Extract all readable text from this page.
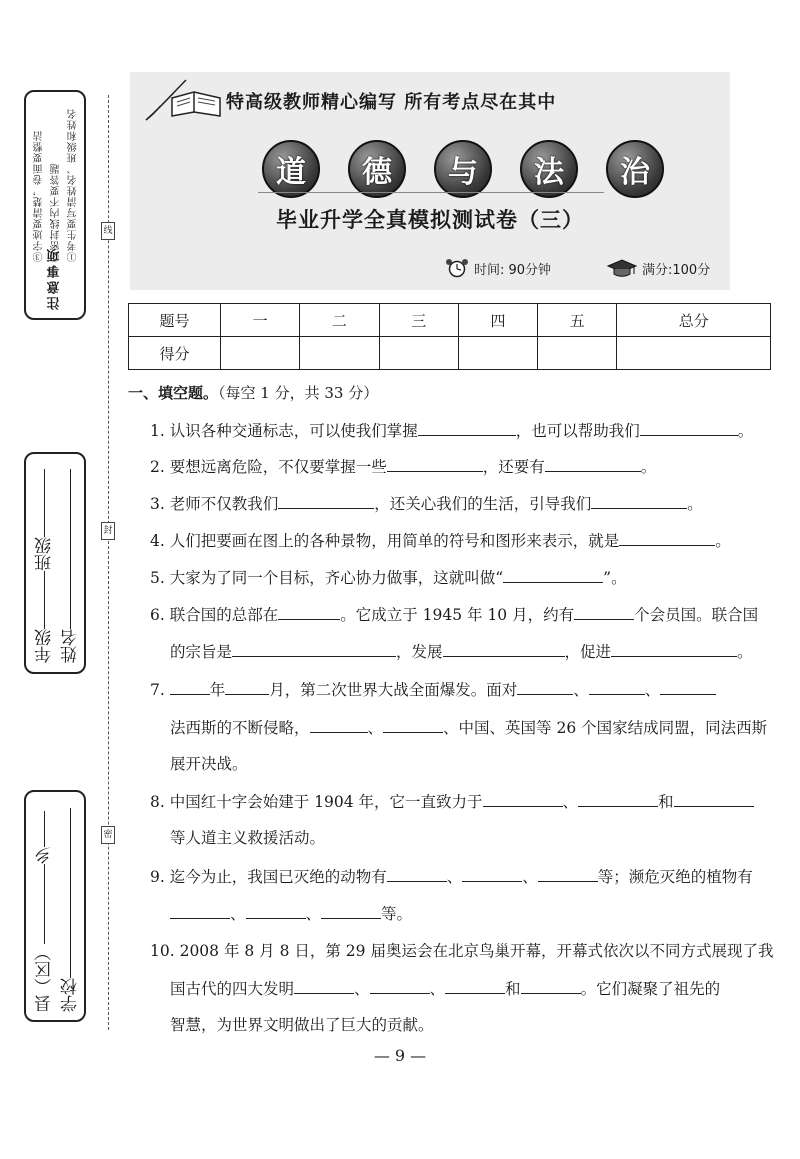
③字迹要清楚，卷面要整洁 ②密封线内不要答题 ①考生要写清姓名、班级和姓名
注意事项
线
封
密
年级班级
姓名
县（区）乡
学校
特高级教师精心编写 所有考点尽在其中
道	德	与	法	治
毕业升学全真模拟测试卷（三）
时间: 90分钟	满分:100分
题号	一	二	三	四	五	总分
得分						
一、填空题。（每空 1 分，共 33 分）
1. 认识各种交通标志，可以使我们掌握	，也可以帮助我们	。
2. 要想远离危险，不仅要掌握一些	，还要有	。
3. 老师不仅教我们	，还关心我们的生活，引导我们	。
4. 人们把要画在图上的各种景物，用简单的符号和图形来表示，就是	。
5. 大家为了同一个目标，齐心协力做事，这就叫做“	”。
6. 联合国的总部在	。它成立于 1945 年 10 月，约有	个会员国。联合国
的宗旨是	，发展	，促进	。
7.	年	月，第二次世界大战全面爆发。面对	、	、
法西斯的不断侵略，	、	、中国、英国等 26 个国家结成同盟，同法西斯
展开决战。
8. 中国红十字会始建于 1904 年，它一直致力于	、	和
等人道主义救援活动。
9. 迄今为止，我国已灭绝的动物有	、	、	等；濒危灭绝的植物有
、	、	等。
10. 2008 年 8 月 8 日，第 29 届奥运会在北京鸟巢开幕，开幕式依次以不同方式展现了我
国古代的四大发明	、	、	和	。它们凝聚了祖先的
智慧，为世界文明做出了巨大的贡献。
— 9 —
